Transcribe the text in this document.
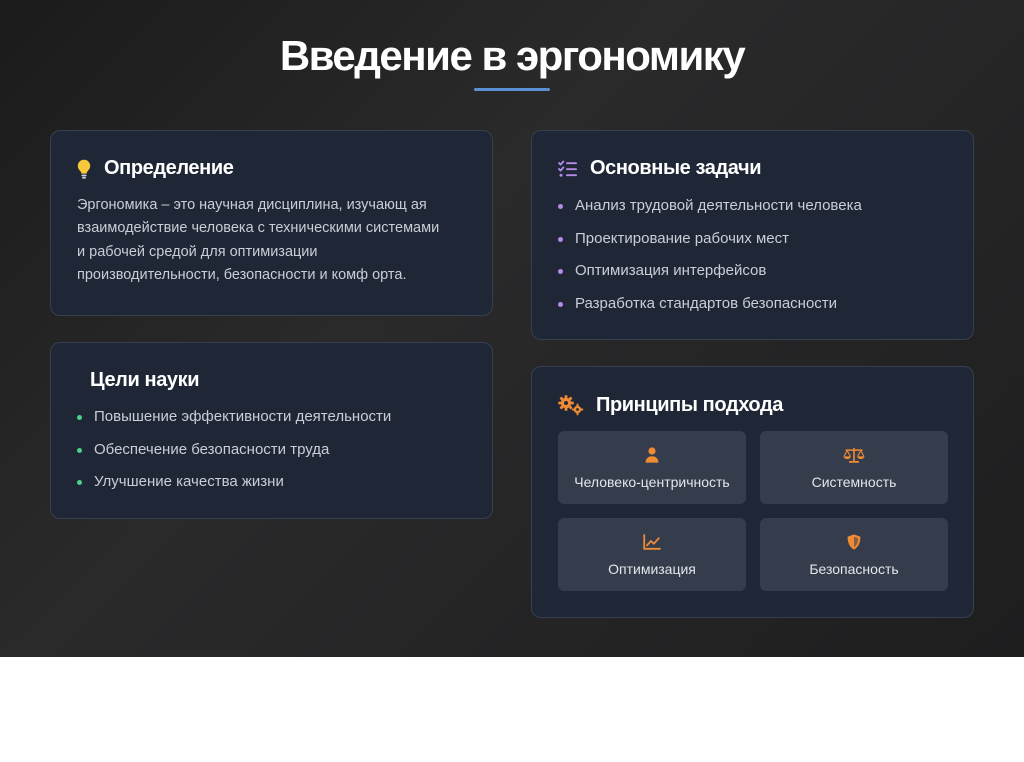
Введение в эргономику
Определение
Эргономика – это научная дисциплина, изучающ ая
взаимодействие человека с техническими системами
и рабочей средой для оптимизации
производительности, безопасности и комф орта.
Цели науки
Повышение эффективности деятельности
Обеспечение безопасности труда
Улучшение качества жизни
Основные задачи
Анализ трудовой деятельности человека
Проектирование рабочих мест
Оптимизация интерфейсов
Разработка стандартов безопасности
Принципы подхода
Человеко-центричность	Системность
Оптимизация	Безопасность
